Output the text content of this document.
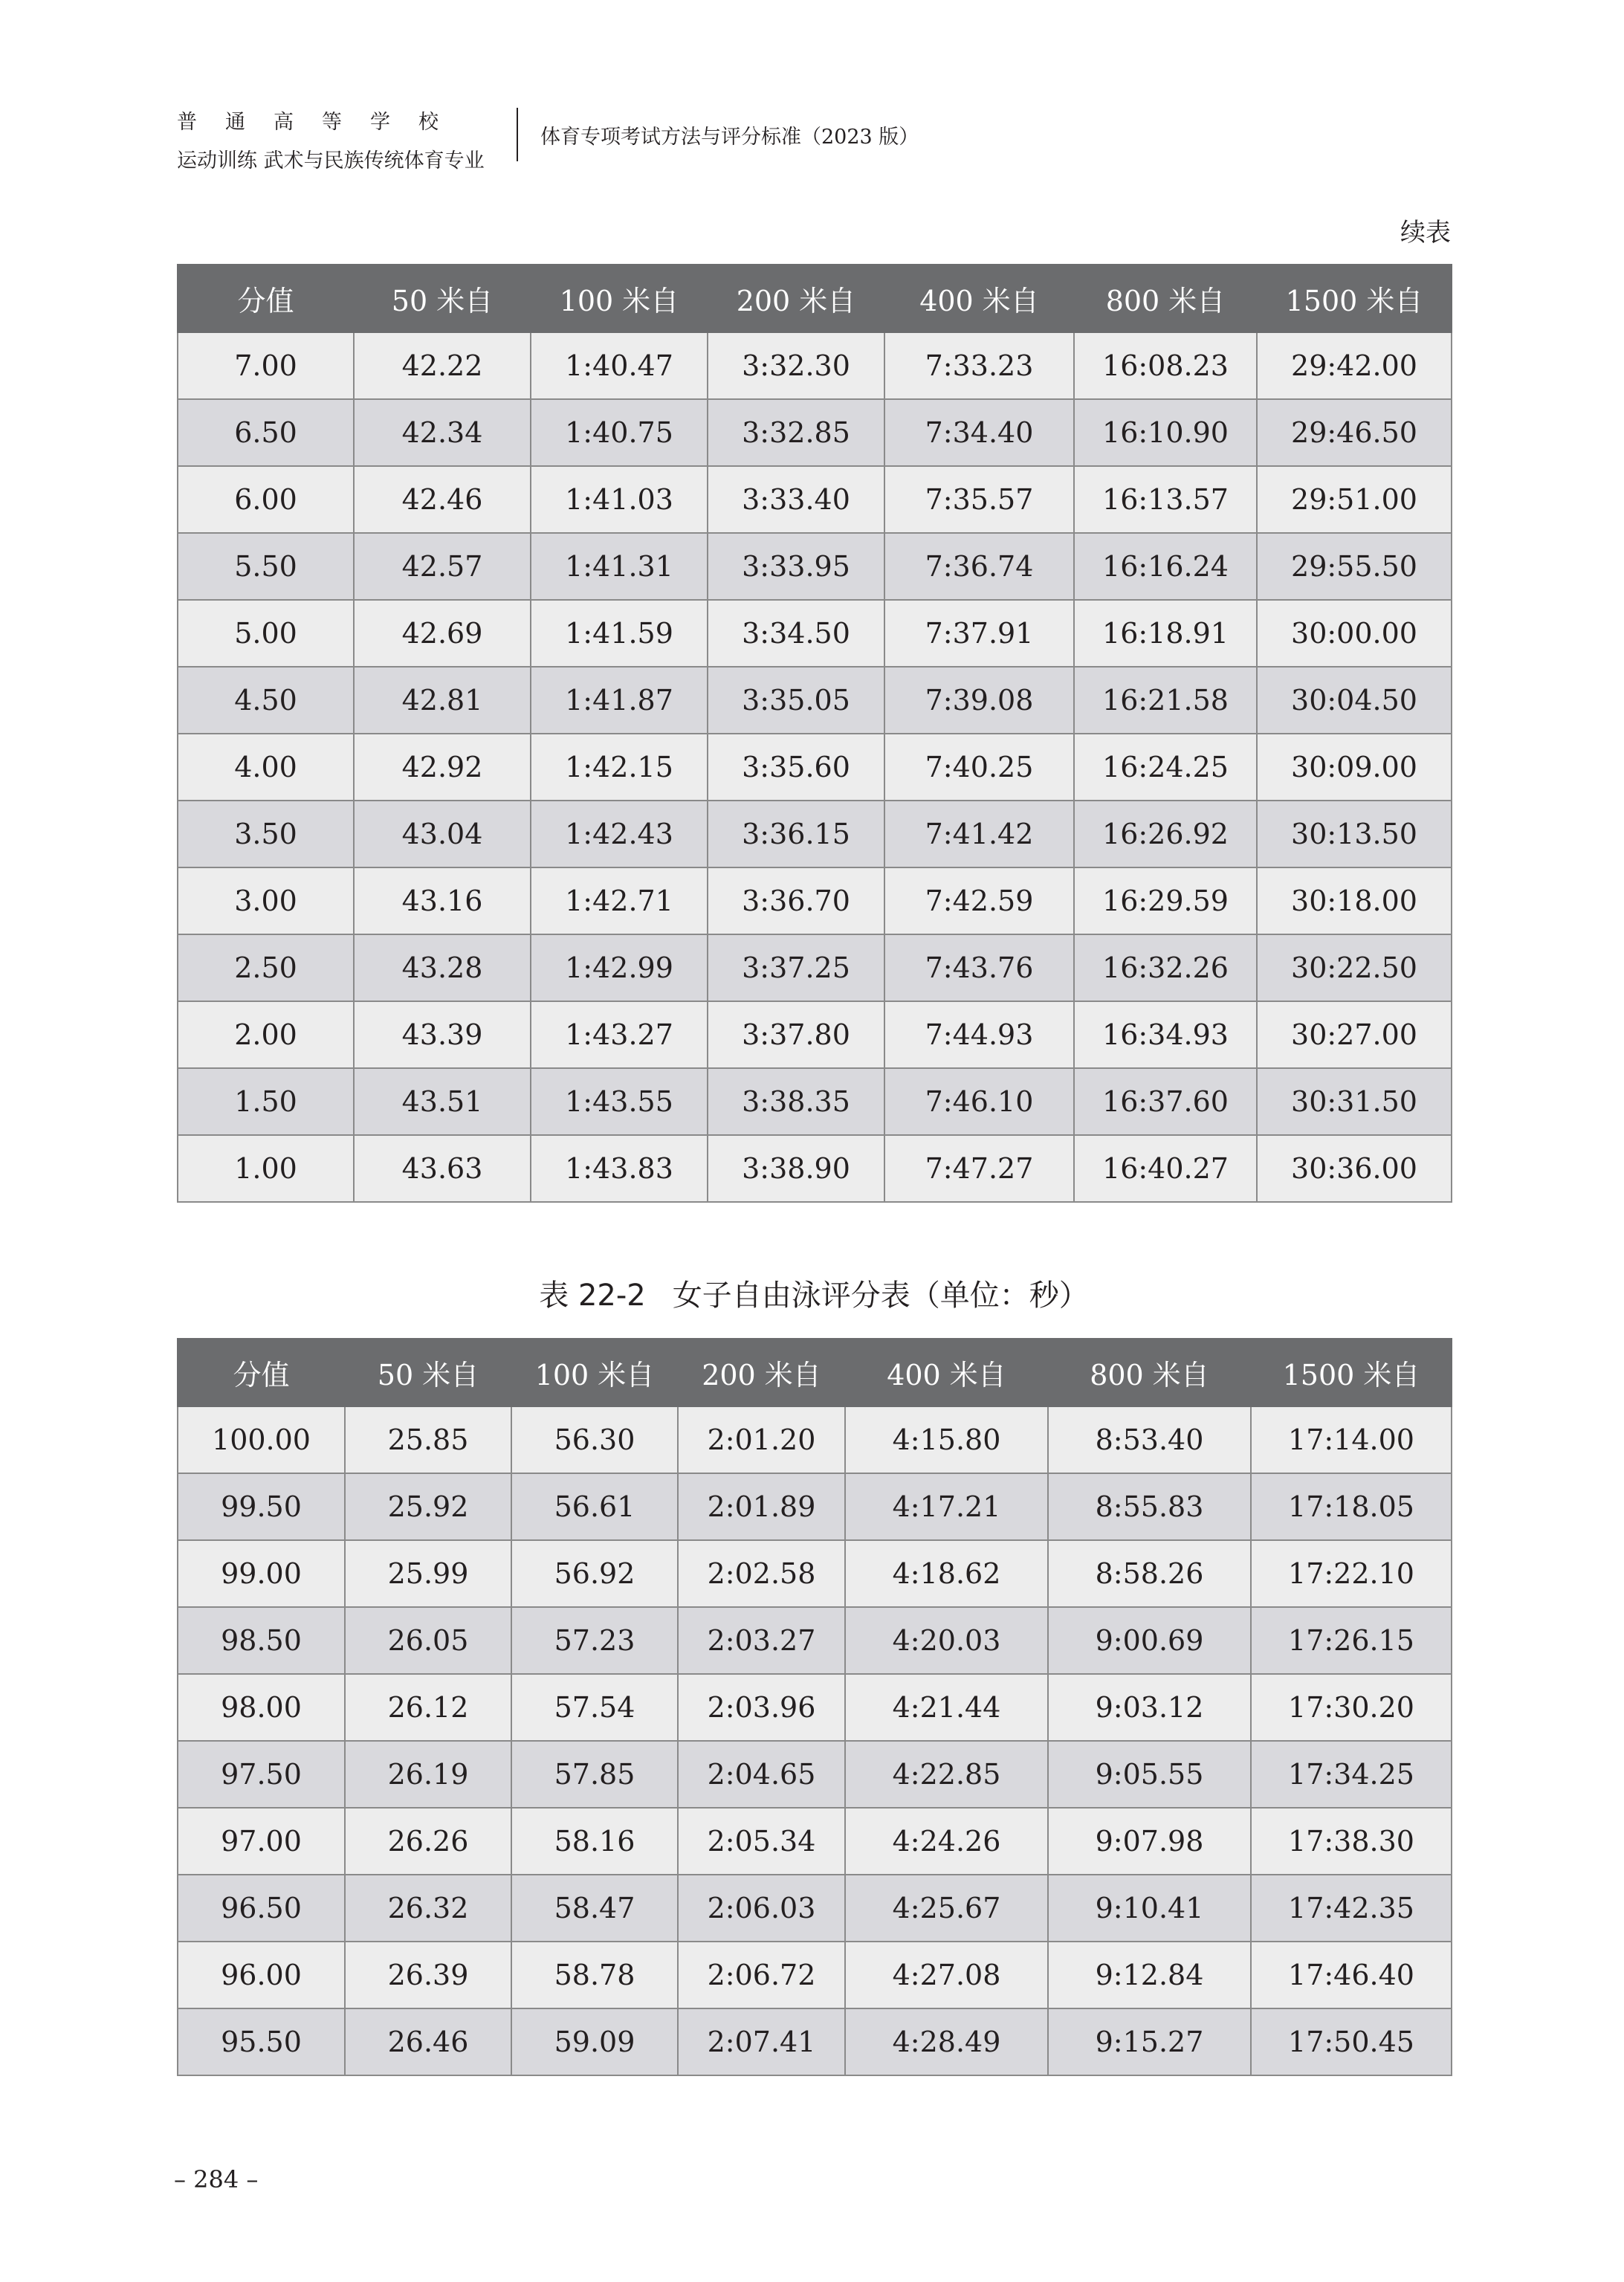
普通高等学校
运动训练 武术与民族传统体育专业
体育专项考试方法与评分标准（2023 版）
续表
分值	50 米自	100 米自	200 米自	400 米自	800 米自	1500 米自
7.00	42.22	1:40.47	3:32.30	7:33.23	16:08.23	29:42.00
6.50	42.34	1:40.75	3:32.85	7:34.40	16:10.90	29:46.50
6.00	42.46	1:41.03	3:33.40	7:35.57	16:13.57	29:51.00
5.50	42.57	1:41.31	3:33.95	7:36.74	16:16.24	29:55.50
5.00	42.69	1:41.59	3:34.50	7:37.91	16:18.91	30:00.00
4.50	42.81	1:41.87	3:35.05	7:39.08	16:21.58	30:04.50
4.00	42.92	1:42.15	3:35.60	7:40.25	16:24.25	30:09.00
3.50	43.04	1:42.43	3:36.15	7:41.42	16:26.92	30:13.50
3.00	43.16	1:42.71	3:36.70	7:42.59	16:29.59	30:18.00
2.50	43.28	1:42.99	3:37.25	7:43.76	16:32.26	30:22.50
2.00	43.39	1:43.27	3:37.80	7:44.93	16:34.93	30:27.00
1.50	43.51	1:43.55	3:38.35	7:46.10	16:37.60	30:31.50
1.00	43.63	1:43.83	3:38.90	7:47.27	16:40.27	30:36.00
表 22-2 女子自由泳评分表（单位：秒）
分值	50 米自	100 米自	200 米自	400 米自	800 米自	1500 米自
100.00	25.85	56.30	2:01.20	4:15.80	8:53.40	17:14.00
99.50	25.92	56.61	2:01.89	4:17.21	8:55.83	17:18.05
99.00	25.99	56.92	2:02.58	4:18.62	8:58.26	17:22.10
98.50	26.05	57.23	2:03.27	4:20.03	9:00.69	17:26.15
98.00	26.12	57.54	2:03.96	4:21.44	9:03.12	17:30.20
97.50	26.19	57.85	2:04.65	4:22.85	9:05.55	17:34.25
97.00	26.26	58.16	2:05.34	4:24.26	9:07.98	17:38.30
96.50	26.32	58.47	2:06.03	4:25.67	9:10.41	17:42.35
96.00	26.39	58.78	2:06.72	4:27.08	9:12.84	17:46.40
95.50	26.46	59.09	2:07.41	4:28.49	9:15.27	17:50.45
– 284 –
